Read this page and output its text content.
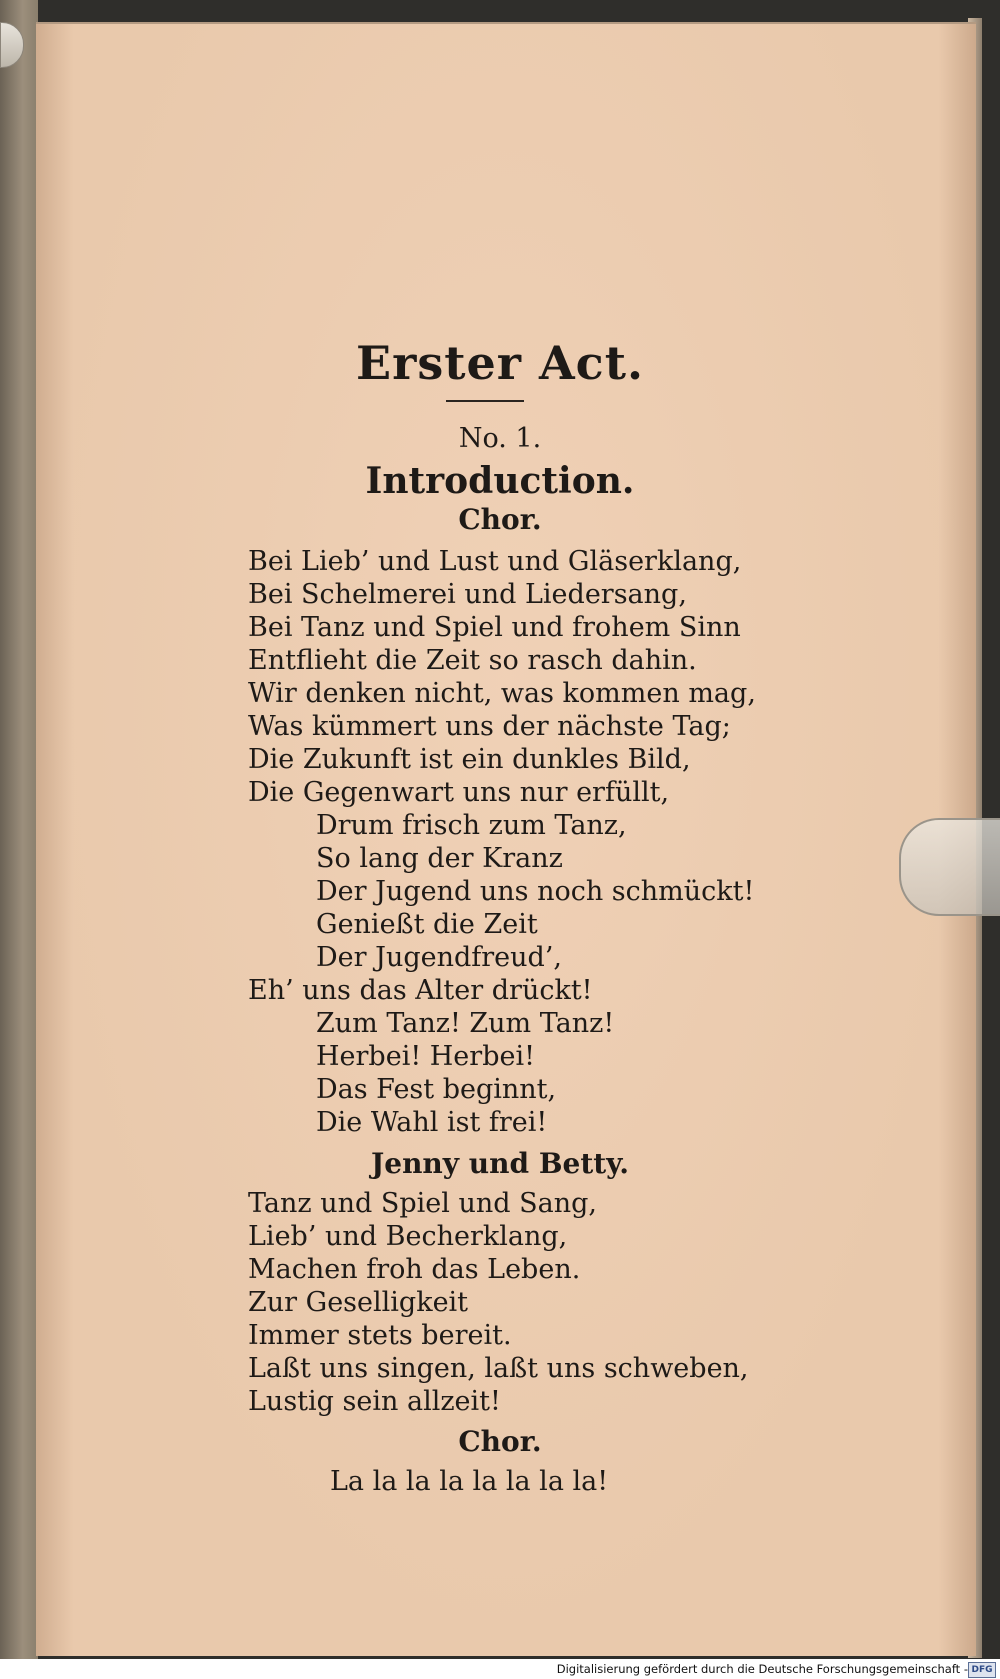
Erster Act.
No. 1.
Introduction.
Chor.
Bei Lieb’ und Lust und Gläserklang,
Bei Schelmerei und Liedersang,
Bei Tanz und Spiel und frohem Sinn
Entflieht die Zeit so rasch dahin.
Wir denken nicht, was kommen mag,
Was kümmert uns der nächste Tag;
Die Zukunft ist ein dunkles Bild,
Die Gegenwart uns nur erfüllt,
Drum frisch zum Tanz,
So lang der Kranz
Der Jugend uns noch schmückt!
Genießt die Zeit
Der Jugendfreud’,
Eh’ uns das Alter drückt!
Zum Tanz! Zum Tanz!
Herbei! Herbei!
Das Fest beginnt,
Die Wahl ist frei!
Jenny und Betty.
Tanz und Spiel und Sang,
Lieb’ und Becherklang,
Machen froh das Leben.
Zur Geselligkeit
Immer stets bereit.
Laßt uns singen, laßt uns schweben,
Lustig sein allzeit!
Chor.
La la la la la la la la!
Digitalisierung gefördert durch die Deutsche Forschungsgemeinschaft - DFG
